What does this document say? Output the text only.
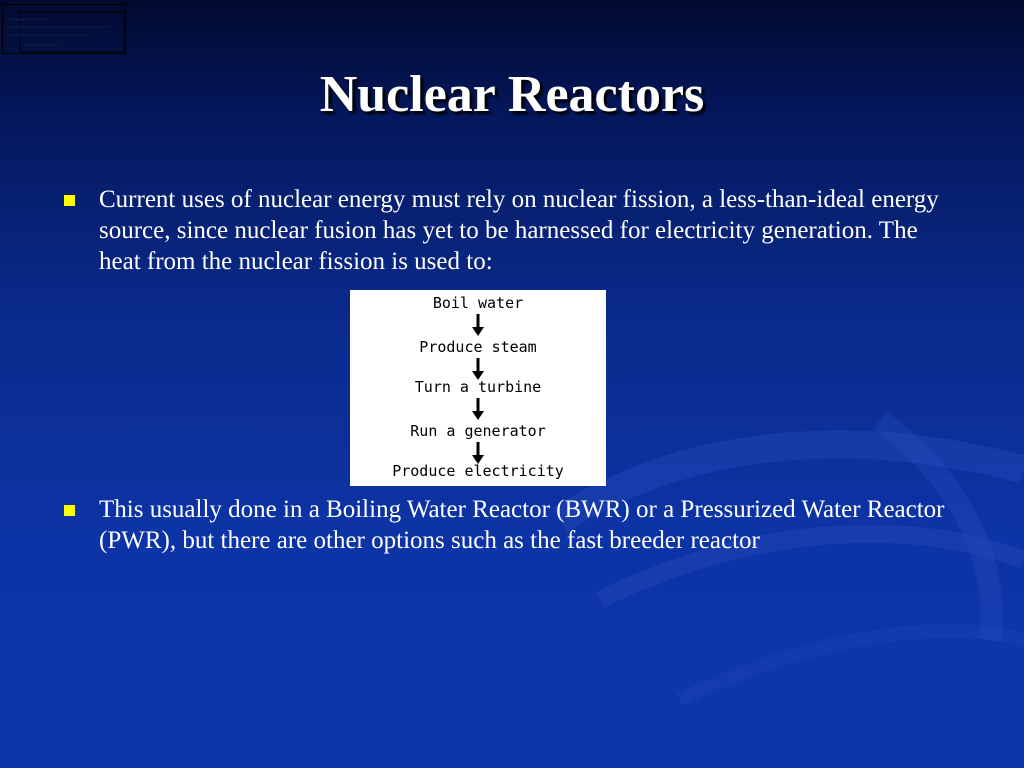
Nuclear Reactors
Current uses of nuclear energy must rely on nuclear fission, a less-than-ideal energy source, since nuclear fusion has yet to be harnessed for electricity generation. The heat from the nuclear fission is used to:
Boil water
Produce steam
Turn a turbine
Run a generator
Produce electricity
This usually done in a Boiling Water Reactor (BWR) or a Pressurized Water Reactor (PWR), but there are other options such as the fast breeder reactor
